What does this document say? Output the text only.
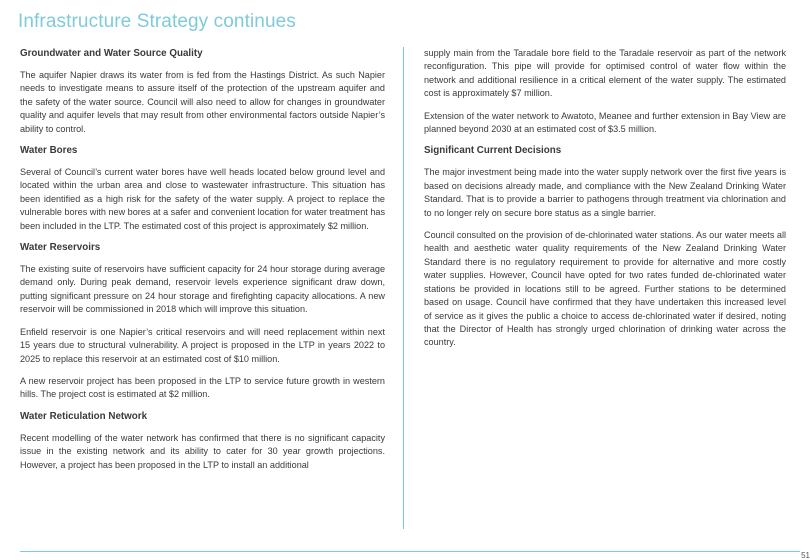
Infrastructure Strategy continues
Groundwater and Water Source Quality

The aquifer Napier draws its water from is fed from the Hastings District. As such Napier needs to investigate means to assure itself of the protection of the upstream aquifer and the safety of the water source. Council will also need to allow for changes in groundwater quality and aquifer levels that may result from other environmental factors outside Napier’s ability to control.

Water Bores

Several of Council’s current water bores have well heads located below ground level and located within the urban area and close to wastewater infrastructure. This situation has been identified as a high risk for the safety of the water supply. A project to replace the vulnerable bores with new bores at a safer and convenient location for water treatment has been included in the LTP. The estimated cost of this project is approximately $2 million.

Water Reservoirs

The existing suite of reservoirs have sufficient capacity for 24 hour storage during average demand only. During peak demand, reservoir levels experience significant draw down, putting significant pressure on 24 hour storage and firefighting capacity allocations. A new reservoir will be commissioned in 2018 which will improve this situation.

Enfield reservoir is one Napier’s critical reservoirs and will need replacement within next 15 years due to structural vulnerability. A project is proposed in the LTP in years 2022 to 2025 to replace this reservoir at an estimated cost of $10 million.

A new reservoir project has been proposed in the LTP to service future growth in western hills. The project cost is estimated at $2 million.

Water Reticulation Network

Recent modelling of the water network has confirmed that there is no significant capacity issue in the existing network and its ability to cater for 30 year growth projections. However, a project has been proposed in the LTP to install an additional

supply main from the Taradale bore field to the Taradale reservoir as part of the network reconfiguration. This pipe will provide for optimised control of water flow within the network and additional resilience in a critical element of the water supply. The estimated cost is approximately $7 million.

Extension of the water network to Awatoto, Meanee and further extension in Bay View are planned beyond 2030 at an estimated cost of $3.5 million.

Significant Current Decisions

The major investment being made into the water supply network over the first five years is based on decisions already made, and compliance with the New Zealand Drinking Water Standard. That is to provide a barrier to pathogens through treatment via chlorination and to no longer rely on secure bore status as a single barrier.

Council consulted on the provision of de-chlorinated water stations. As our water meets all health and aesthetic water quality requirements of the New Zealand Drinking Water Standard there is no regulatory requirement to provide for alternative and more costly water supplies. However, Council have opted for two rates funded de-chlorinated water stations be provided in locations still to be agreed. Further stations to be determined based on usage. Council have confirmed that they have undertaken this increased level of service as it gives the public a choice to access de-chlorinated water if desired, noting that the Director of Health has strongly urged chlorination of drinking water across the country.

51
